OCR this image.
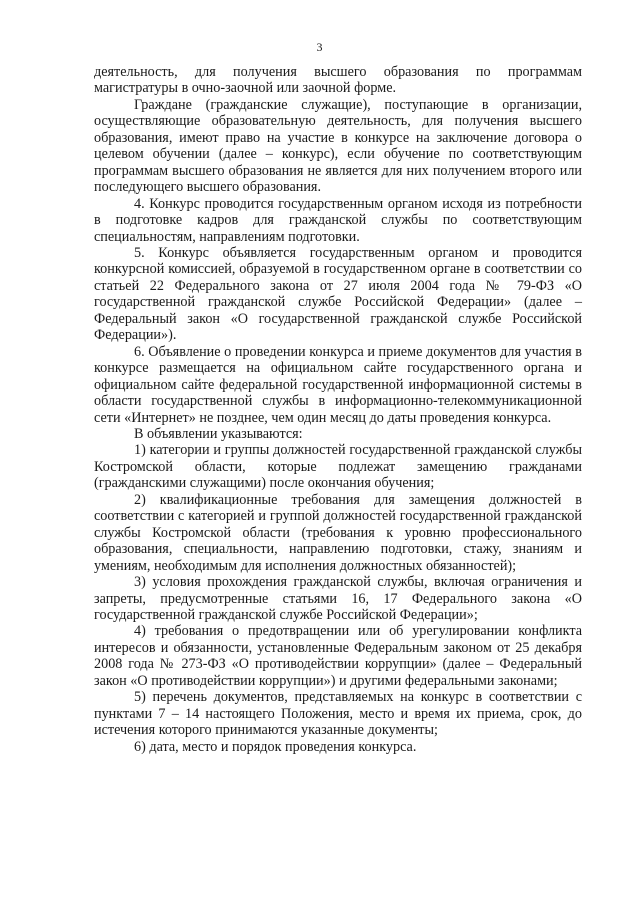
3

деятельность, для получения высшего образования по программам магистратуры в очно-заочной или заочной форме.

Граждане (гражданские служащие), поступающие в организации, осуществляющие образовательную деятельность, для получения высшего образования, имеют право на участие в конкурсе на заключение договора о целевом обучении (далее – конкурс), если обучение по соответствующим программам высшего образования не является для них получением второго или последующего высшего образования.

4. Конкурс проводится государственным органом исходя из потребности в подготовке кадров для гражданской службы по соответствующим специальностям, направлениям подготовки.

5. Конкурс объявляется государственным органом и проводится конкурсной комиссией, образуемой в государственном органе в соответствии со статьей 22 Федерального закона от 27 июля 2004 года № 79-ФЗ «О государственной гражданской службе Российской Федерации» (далее – Федеральный закон «О государственной гражданской службе Российской Федерации»).

6. Объявление о проведении конкурса и приеме документов для участия в конкурсе размещается на официальном сайте государственного органа и официальном сайте федеральной государственной информационной системы в области государственной службы в информационно-телекоммуникационной сети «Интернет» не позднее, чем один месяц до даты проведения конкурса.

В объявлении указываются:

1) категории и группы должностей государственной гражданской службы Костромской области, которые подлежат замещению гражданами (гражданскими служащими) после окончания обучения;

2) квалификационные требования для замещения должностей в соответствии с категорией и группой должностей государственной гражданской службы Костромской области (требования к уровню профессионального образования, специальности, направлению подготовки, стажу, знаниям и умениям, необходимым для исполнения должностных обязанностей);

3) условия прохождения гражданской службы, включая ограничения и запреты, предусмотренные статьями 16, 17 Федерального закона «О государственной гражданской службе Российской Федерации»;

4) требования о предотвращении или об урегулировании конфликта интересов и обязанности, установленные Федеральным законом от 25 декабря 2008 года № 273-ФЗ «О противодействии коррупции» (далее – Федеральный закон «О противодействии коррупции») и другими федеральными законами;

5) перечень документов, представляемых на конкурс в соответствии с пунктами 7 – 14 настоящего Положения, место и время их приема, срок, до истечения которого принимаются указанные документы;

6) дата, место и порядок проведения конкурса.
